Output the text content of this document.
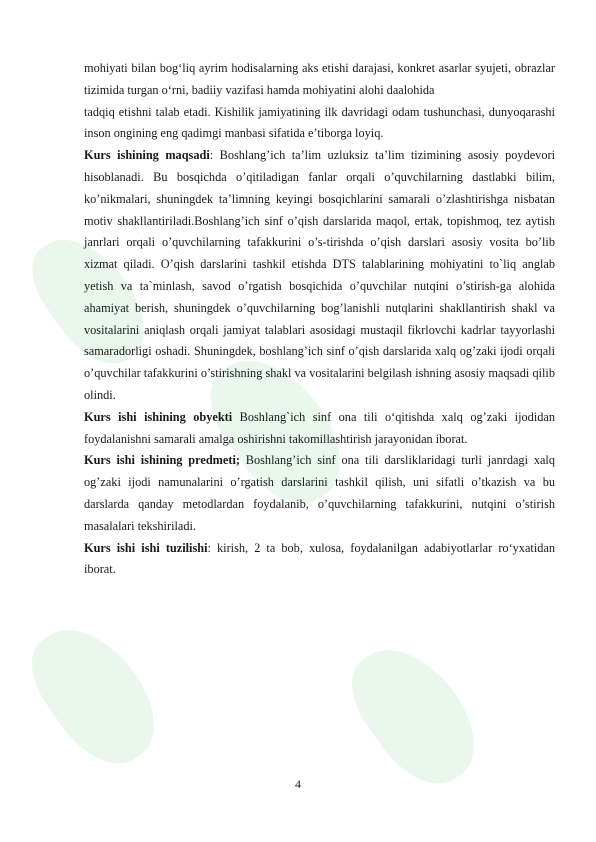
mohiyati bilan bog‘liq ayrim hodisalarning aks etishi darajasi, konkret asarlar syujeti, obrazlar tizimida turgan o‘rni, badiiy vazifasi hamda mohiyatini alohi daalohida

tadqiq etishni talab etadi. Kishilik jamiyatining ilk davridagi odam tushunchasi, dunyoqarashi inson ongining eng qadimgi manbasi sifatida e’tiborga loyiq.

Kurs ishining maqsadi: Boshlang’ich ta’lim uzluksiz ta’lim tizimining asosiy poydevori hisoblanadi. Bu bosqichda o’qitiladigan fanlar orqali o’quvchilarning dastlabki bilim, ko’nikmalari, shuningdek ta’limning keyingi bosqichlarini samarali o’zlashtirishga nisbatan motiv shakllantiriladi.Boshlang’ich sinf o’qish darslarida maqol, ertak, topishmoq, tez aytish janrlari orqali o’quvchilarning tafakkurini o’s-tirishda o’qish darslari asosiy vosita bo’lib xizmat qiladi. O’qish darslarini tashkil etishda DTS talablarining mohiyatini to`liq anglab yetish va ta`minlash, savod o’rgatish bosqichida o’quvchilar nutqini o’stirish-ga alohida ahamiyat berish, shuningdek o’quvchilarning bog’lanishli nutqlarini shakllantirish shakl va vositalarini aniqlash orqali jamiyat talablari asosidagi mustaqil fikrlovchi kadrlar tayyorlashi samaradorligi oshadi. Shuningdek, boshlang’ich sinf o’qish darslarida xalq og’zaki ijodi orqali o’quvchilar tafakkurini o’stirishning shakl va vositalarini belgilash ishning asosiy maqsadi qilib olindi.

Kurs ishi ishining obyekti Boshlang`ich sinf ona tili o‘qitishda xalq og’zaki ijodidan foydalanishni samarali amalga oshirishni takomillashtirish jarayonidan iborat.

Kurs ishi ishining predmeti; Boshlang’ich sinf ona tili darsliklaridagi turli janrdagi xalq og’zaki ijodi namunalarini o’rgatish darslarini tashkil qilish, uni sifatli o’tkazish va bu darslarda qanday metodlardan foydalanib, o’quvchilarning tafakkurini, nutqini o’stirish masalalari tekshiriladi.

Kurs ishi ishi tuzilishi: kirish, 2 ta bob, xulosa, foydalanilgan adabiyotlarlar ro‘yxatidan iborat.

4
